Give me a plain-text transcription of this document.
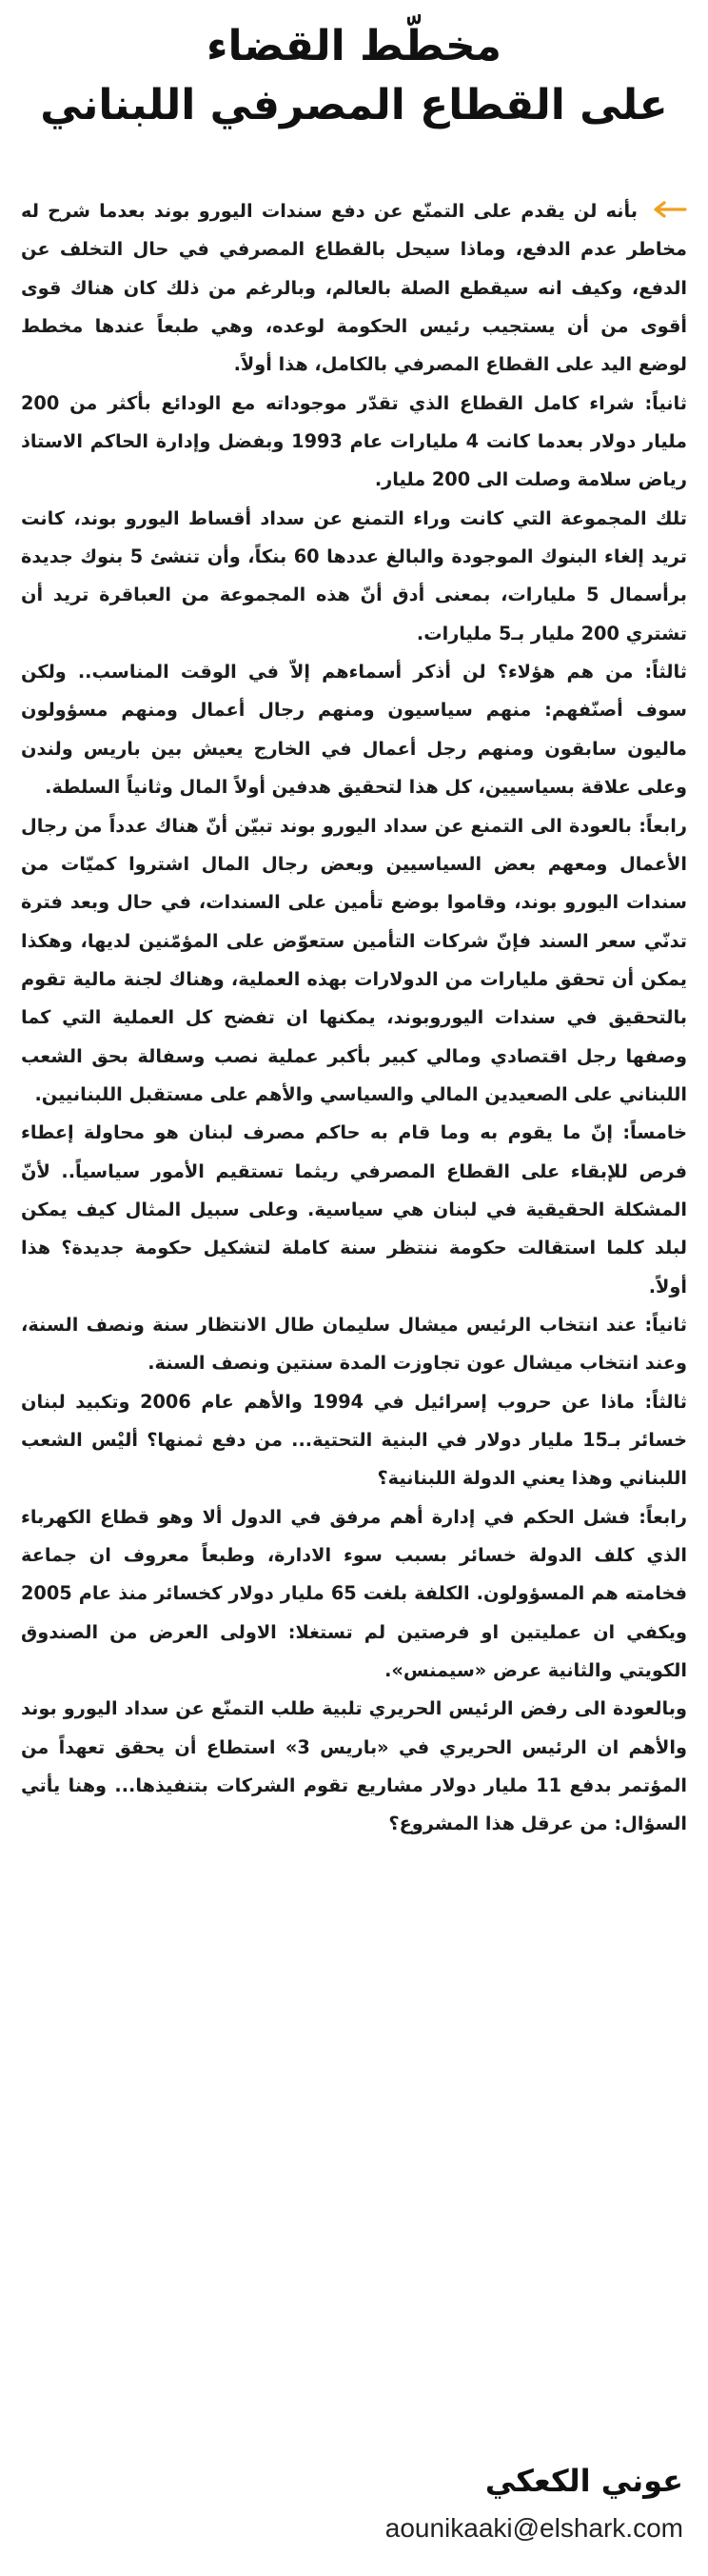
مخطّط القضاء
على القطاع المصرفي اللبناني

بأنه لن يقدم على التمنّع عن دفع سندات اليورو بوند بعدما شرح له مخاطر عدم الدفع، وماذا سيحل بالقطاع المصرفي في حال التخلف عن الدفع، وكيف انه سيقطع الصلة بالعالم، وبالرغم من ذلك كان هناك قوى أقوى من أن يستجيب رئيس الحكومة لوعده، وهي طبعاً عندها مخطط لوضع اليد على القطاع المصرفي بالكامل، هذا أولاً.

ثانياً: شراء كامل القطاع الذي تقدّر موجوداته مع الودائع بأكثر من 200 مليار دولار بعدما كانت 4 مليارات عام 1993 وبفضل وإدارة الحاكم الاستاذ رياض سلامة وصلت الى 200 مليار.

تلك المجموعة التي كانت وراء التمنع عن سداد أقساط اليورو بوند، كانت تريد إلغاء البنوك الموجودة والبالغ عددها 60 بنكاً، وأن تنشئ 5 بنوك جديدة برأسمال 5 مليارات، بمعنى أدق أنّ هذه المجموعة من العباقرة تريد أن تشتري 200 مليار بـ5 مليارات.

ثالثاً: من هم هؤلاء؟ لن أذكر أسماءهم إلاّ في الوقت المناسب.. ولكن سوف أصنّفهم: منهم سياسيون ومنهم رجال أعمال ومنهم مسؤولون ماليون سابقون ومنهم رجل أعمال في الخارج يعيش بين باريس ولندن وعلى علاقة بسياسيين، كل هذا لتحقيق هدفين أولاً المال وثانياً السلطة.

رابعاً: بالعودة الى التمنع عن سداد اليورو بوند تبيّن أنّ هناك عدداً من رجال الأعمال ومعهم بعض السياسيين وبعض رجال المال اشتروا كميّات من سندات اليورو بوند، وقاموا بوضع تأمين على السندات، في حال وبعد فترة تدنّي سعر السند فإنّ شركات التأمين ستعوّض على المؤمّنين لديها، وهكذا يمكن أن تحقق مليارات من الدولارات بهذه العملية، وهناك لجنة مالية تقوم بالتحقيق في سندات اليوروبوند، يمكنها ان تفضح كل العملية التي كما وصفها رجل اقتصادي ومالي كبير بأكبر عملية نصب وسفالة بحق الشعب اللبناني على الصعيدين المالي والسياسي والأهم على مستقبل اللبنانيين.

خامساً: إنّ ما يقوم به وما قام به حاكم مصرف لبنان هو محاولة إعطاء فرص للإبقاء على القطاع المصرفي ريثما تستقيم الأمور سياسياً.. لأنّ المشكلة الحقيقية في لبنان هي سياسية. وعلى سبيل المثال كيف يمكن لبلد كلما استقالت حكومة ننتظر سنة كاملة لتشكيل حكومة جديدة؟ هذا أولاً.

ثانياً: عند انتخاب الرئيس ميشال سليمان طال الانتظار سنة ونصف السنة، وعند انتخاب ميشال عون تجاوزت المدة سنتين ونصف السنة.

ثالثاً: ماذا عن حروب إسرائيل في 1994 والأهم عام 2006 وتكبيد لبنان خسائر بـ15 مليار دولار في البنية التحتية... من دفع ثمنها؟ أليْس الشعب اللبناني وهذا يعني الدولة اللبنانية؟

رابعاً: فشل الحكم في إدارة أهم مرفق في الدول ألا وهو قطاع الكهرباء الذي كلف الدولة خسائر بسبب سوء الادارة، وطبعاً معروف ان جماعة فخامته هم المسؤولون. الكلفة بلغت 65 مليار دولار كخسائر منذ عام 2005 ويكفي ان عمليتين او فرصتين لم تستغلا: الاولى العرض من الصندوق الكويتي والثانية عرض «سيمنس».

وبالعودة الى رفض الرئيس الحريري تلبية طلب التمنّع عن سداد اليورو بوند والأهم ان الرئيس الحريري في «باريس 3» استطاع أن يحقق تعهداً من المؤتمر بدفع 11 مليار دولار مشاريع تقوم الشركات بتنفيذها... وهنا يأتي السؤال: من عرقل هذا المشروع؟

عوني الكعكي
aounikaaki@elshark.com
